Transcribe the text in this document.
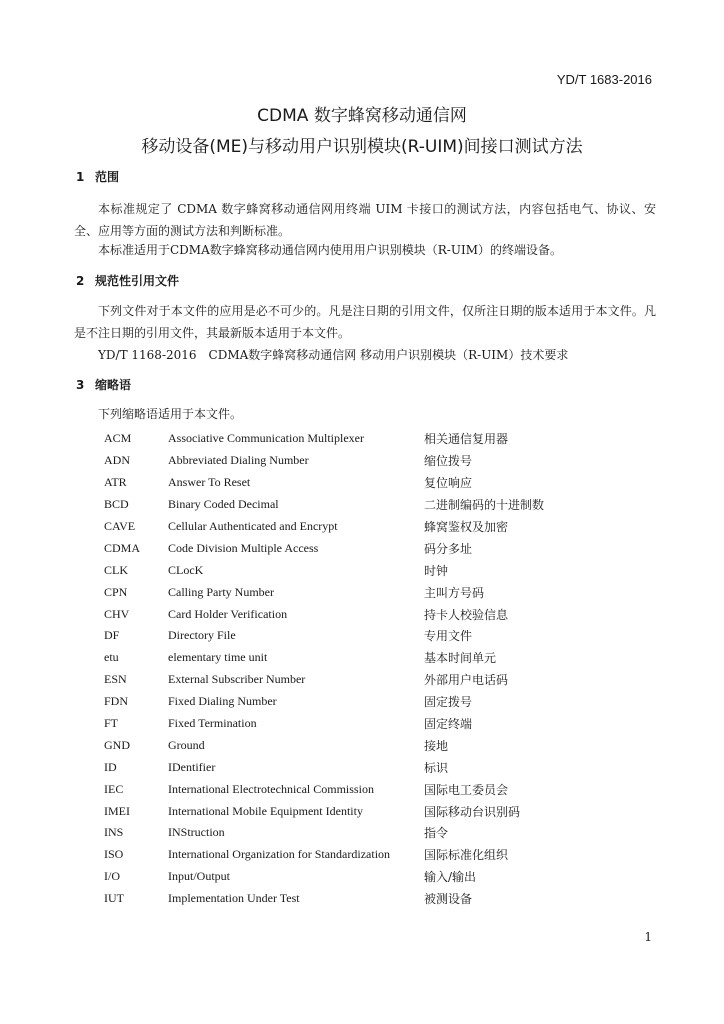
YD/T 1683-2016
CDMA 数字蜂窝移动通信网
移动设备(ME)与移动用户识别模块(R-UIM)间接口测试方法
1 范围
本标准规定了 CDMA 数字蜂窝移动通信网用终端 UIM 卡接口的测试方法，内容包括电气、协议、安全、应用等方面的测试方法和判断标准。
本标准适用于CDMA数字蜂窝移动通信网内使用用户识别模块（R-UIM）的终端设备。
2 规范性引用文件
下列文件对于本文件的应用是必不可少的。凡是注日期的引用文件，仅所注日期的版本适用于本文件。凡是不注日期的引用文件，其最新版本适用于本文件。
YD/T 1168-2016　CDMA数字蜂窝移动通信网 移动用户识别模块（R-UIM）技术要求
3 缩略语
下列缩略语适用于本文件。
ACM	Associative Communication Multiplexer	相关通信复用器
ADN	Abbreviated Dialing Number	缩位拨号
ATR	Answer To Reset	复位响应
BCD	Binary Coded Decimal	二进制编码的十进制数
CAVE	Cellular Authenticated and Encrypt	蜂窝鉴权及加密
CDMA	Code Division Multiple Access	码分多址
CLK	CLocK	时钟
CPN	Calling Party Number	主叫方号码
CHV	Card Holder Verification	持卡人校验信息
DF	Directory File	专用文件
etu	elementary time unit	基本时间单元
ESN	External Subscriber Number	外部用户电话码
FDN	Fixed Dialing Number	固定拨号
FT	Fixed Termination	固定终端
GND	Ground	接地
ID	IDentifier	标识
IEC	International Electrotechnical Commission	国际电工委员会
IMEI	International Mobile Equipment Identity	国际移动台识别码
INS	INStruction	指令
ISO	International Organization for Standardization	国际标准化组织
I/O	Input/Output	输入/输出
IUT	Implementation Under Test	被测设备
1
